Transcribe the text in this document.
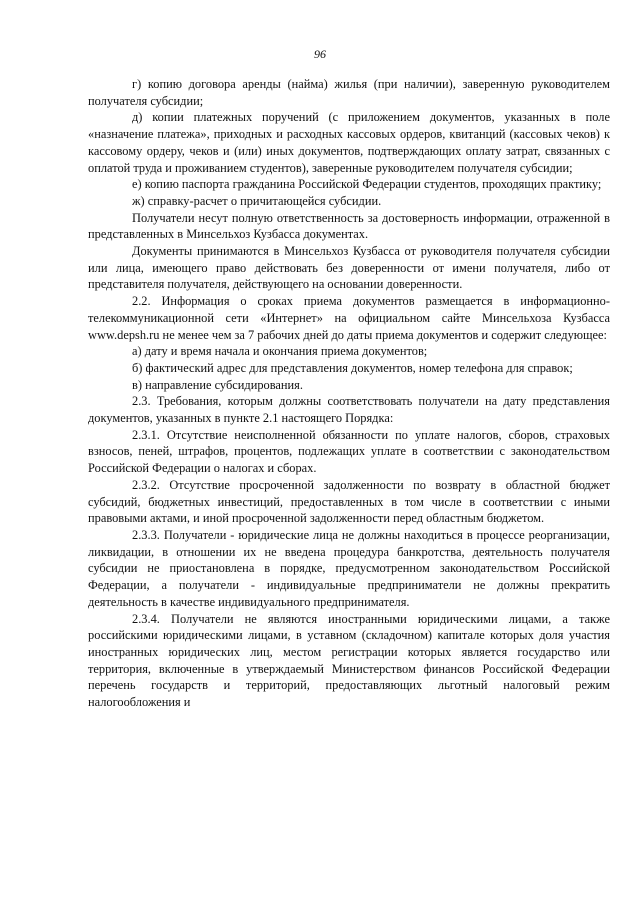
96

г) копию договора аренды (найма) жилья (при наличии), заверенную руководителем получателя субсидии;

д) копии платежных поручений (с приложением документов, указанных в поле «назначение платежа», приходных и расходных кассовых ордеров, квитанций (кассовых чеков) к кассовому ордеру, чеков и (или) иных документов, подтверждающих оплату затрат, связанных с оплатой труда и проживанием студентов), заверенные руководителем получателя субсидии;

е) копию паспорта гражданина Российской Федерации студентов, проходящих практику;

ж) справку-расчет о причитающейся субсидии.

Получатели несут полную ответственность за достоверность информации, отраженной в представленных в Минсельхоз Кузбасса документах.

Документы принимаются в Минсельхоз Кузбасса от руководителя получателя субсидии или лица, имеющего право действовать без доверенности от имени получателя, либо от представителя получателя, действующего на основании доверенности.

2.2. Информация о сроках приема документов размещается в информационно-телекоммуникационной сети «Интернет» на официальном сайте Минсельхоза Кузбасса www.depsh.ru не менее чем за 7 рабочих дней до даты приема документов и содержит следующее:

а) дату и время начала и окончания приема документов;

б) фактический адрес для представления документов, номер телефона для справок;

в) направление субсидирования.

2.3. Требования, которым должны соответствовать получатели на дату представления документов, указанных в пункте 2.1 настоящего Порядка:

2.3.1. Отсутствие неисполненной обязанности по уплате налогов, сборов, страховых взносов, пеней, штрафов, процентов, подлежащих уплате в соответствии с законодательством Российской Федерации о налогах и сборах.

2.3.2. Отсутствие просроченной задолженности по возврату в областной бюджет субсидий, бюджетных инвестиций, предоставленных в том числе в соответствии с иными правовыми актами, и иной просроченной задолженности перед областным бюджетом.

2.3.3. Получатели - юридические лица не должны находиться в процессе реорганизации, ликвидации, в отношении их не введена процедура банкротства, деятельность получателя субсидии не приостановлена в порядке, предусмотренном законодательством Российской Федерации, а получатели - индивидуальные предприниматели не должны прекратить деятельность в качестве индивидуального предпринимателя.

2.3.4. Получатели не являются иностранными юридическими лицами, а также российскими юридическими лицами, в уставном (складочном) капитале которых доля участия иностранных юридических лиц, местом регистрации которых является государство или территория, включенные в утверждаемый Министерством финансов Российской Федерации перечень государств и территорий, предоставляющих льготный налоговый режим налогообложения и
